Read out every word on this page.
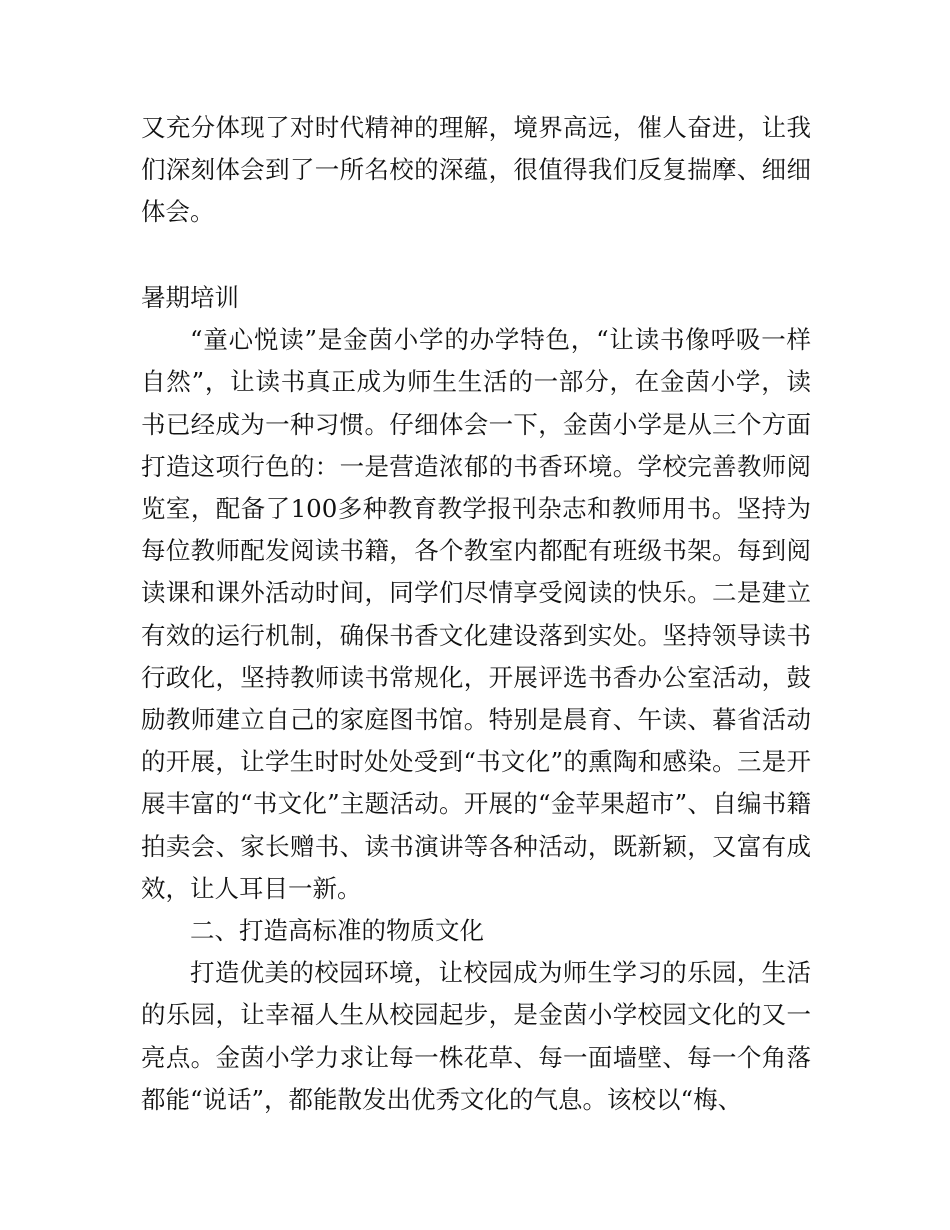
又充分体现了对时代精神的理解，境界高远，催人奋进，让我们深刻体会到了一所名校的深蕴，很值得我们反复揣摩、细细体会。

暑期培训

“童心悦读”是金茵小学的办学特色，“让读书像呼吸一样自然”，让读书真正成为师生生活的一部分，在金茵小学，读书已经成为一种习惯。仔细体会一下，金茵小学是从三个方面打造这项行色的：一是营造浓郁的书香环境。学校完善教师阅览室，配备了100多种教育教学报刊杂志和教师用书。坚持为每位教师配发阅读书籍，各个教室内都配有班级书架。每到阅读课和课外活动时间，同学们尽情享受阅读的快乐。二是建立有效的运行机制，确保书香文化建设落到实处。坚持领导读书行政化，坚持教师读书常规化，开展评选书香办公室活动，鼓励教师建立自己的家庭图书馆。特别是晨育、午读、暮省活动的开展，让学生时时处处受到“书文化”的熏陶和感染。三是开展丰富的“书文化”主题活动。开展的“金苹果超市”、自编书籍拍卖会、家长赠书、读书演讲等各种活动，既新颖，又富有成效，让人耳目一新。

二、打造高标准的物质文化

打造优美的校园环境，让校园成为师生学习的乐园，生活的乐园，让幸福人生从校园起步，是金茵小学校园文化的又一亮点。金茵小学力求让每一株花草、每一面墙壁、每一个角落都能“说话”，都能散发出优秀文化的气息。该校以“梅、
